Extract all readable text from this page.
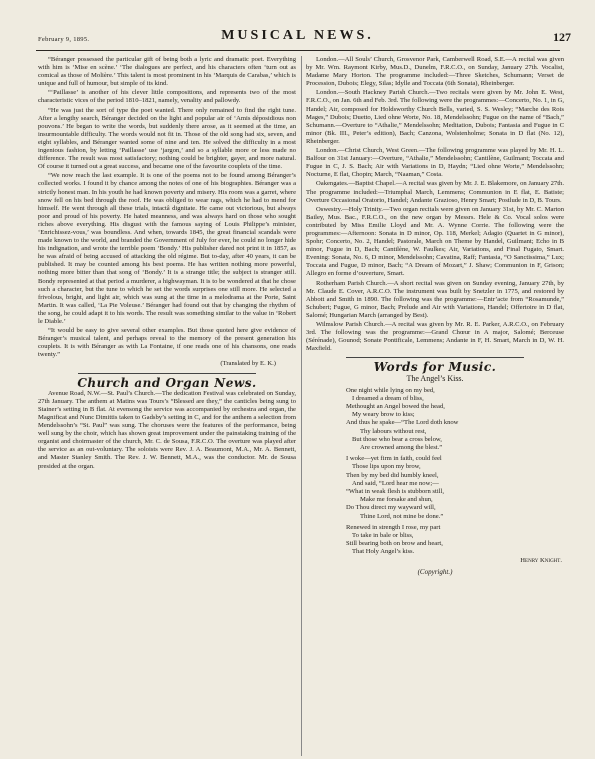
February 9, 1895.	MUSICAL NEWS.	127

“Béranger possessed the particular gift of being both a lyric and dramatic poet. Everything with him is ‘Mise en scène.’ ‘The dialogues are perfect, and his characters often ‘turn out as comical as those of Molière.’ This talent is most prominent in his ‘Marquis de Carabas,’ which is unique and full of humour, but simple of its kind.

“‘Paillasse’ is another of his clever little compositions, and represents two of the most characteristic vices of the period 1810–1821, namely, venality and pallowdy.

“He was just the sort of type the poet wanted. There only remained to find the right tune. After a lengthy search, Béranger decided on the light and popular air of ‘Amis déposidious non pouvons.’ He began to write the words, but suddenly there arose, as it seemed at the time, an insurmountable difficulty. The words would not fit in. Those of the old song had six, seven, and eight syllables, and Béranger wanted some of nine and ten. He solved the difficulty in a most ingenious fashion, by letting ‘Paillasse’ use ‘jargon,’ and so a syllable more or less made no difference. The result was most satisfactory; nothing could be brighter, gayer, and more natural. Of course it turned out a great success, and became one of the favourite couplets of the time.

“We now reach the last example. It is one of the poems not to be found among Béranger’s collected works. I found it by chance among the notes of one of his biographies. Béranger was a strictly honest man. In his youth he had known poverty and misery. His room was a garret, where snow fell on his bed through the roof. He was obliged to wear rags, which he had to mend for himself. He went through all these trials, intactâ dignitate. He came out victorious, but always poor and proud of his poverty. He hated meanness, and was always hard on those who sought riches above everything. His disgust with the famous saying of Louis Philippe’s minister, ‘Enrichissez-vous,’ was boundless. And when, towards 1845, the great financial scandals were made known to the world, and branded the Government of July for ever, he could no longer hide his indignation, and wrote the terrible poem ‘Bondy.’ His publisher dared not print it in 1857, as he was afraid of being accused of attacking the old régime. But to-day, after 40 years, it can be published. It may be counted among his best poems. He has written nothing more powerful, nothing more bitter than that song of ‘Bondy.’ It is a strange title; the subject is stranger still. Bondy represented at that period a murderer, a highwayman. It is to be wondered at that he chose such a character, but the tune to which he set the words surprises one still more. He selected a frivolous, bright, and light air, which was sung at the time in a melodrama at the Porte, Saint Martin. It was called, ‘La Pie Voleuse.’ Béranger had found out that by changing the rhythm of the song, he could adapt it to his words. The result was something similar to the value in ‘Robert le Diable.’

“It would be easy to give several other examples. But those quoted here give evidence of Béranger’s musical talent, and perhaps reveal to the memory of the present generation his couplets. It is with Béranger as with La Fontaine, if one reads one of his chansons, one reads twenty.”

(Translated by E. K.)

Church and Organ News.

Avenue Road, N.W.—St. Paul’s Church.—The dedication Festival was celebrated on Sunday, 27th January. The anthem at Matins was Tours’s “Blessed are they,” the canticles being sung to Stainer’s setting in B flat. At evensong the service was accompanied by orchestra and organ, the Magnificat and Nunc Dimittis taken to Gadsby’s setting in C, and for the anthem a selection from Mendelssohn’s “St. Paul” was sung. The choruses were the features of the performance, being well sung by the choir, which has shown great improvement under the painstaking training of the organist and choirmaster of the church, Mr. C. de Sousa, F.R.C.O. The overture was played after the service as an out-voluntary. The soloists were Rev. J. A. Beaumont, M.A., Mr. A. Bennett, and Master Stanley Smith. The Rev. J. W. Bennett, M.A., was the conductor. Mr. de Sousa presided at the organ.

London.—All Souls’ Church, Grosvenor Park, Camberwell Road, S.E.—A recital was given by Mr. Wm. Raymont Kirby, Mus.D., Dunelm, F.R.C.O., on Sunday, January 27th. Vocalist, Madame Mary Horton. The programme included:—Three Sketches, Schumann; Verset de Procession, Dubois; Elegy, Silas; Idylle and Toccata (6th Sonata), Rheinberger.

London.—South Hackney Parish Church.—Two recitals were given by Mr. John E. West, F.R.C.O., on Jan. 6th and Feb. 3rd. The following were the programmes:—Concerto, No. 1, in G, Handel; Air, composed for Holdsworthy Church Bells, varied, S. S. Wesley; “Marche des Rois Mages,” Dubois; Duetto, Lied ohne Worte, No. 18, Mendelssohn; Fugue on the name of “Bach,” Schumann.—Overture to “Athalie,” Mendelssohn; Meditation, Dubois; Fantasia and Fugue in C minor (Bk. III., Peter’s edition), Bach; Canzona, Wolstenholme; Sonata in D flat (No. 12), Rheinberger.

London.—Christ Church, West Green.—The following programme was played by Mr. H. L. Balfour on 31st January:—Overture, “Athalie,” Mendelssohn; Cantilène, Guilmant; Toccata and Fugue in C, J. S. Bach; Air with Variations in D, Haydn; “Lied ohne Worte,” Mendelssohn; Nocturne, E flat, Chopin; March, “Naaman,” Costa.

Oakengates.—Baptist Chapel.—A recital was given by Mr. J. E. Blakemore, on January 27th. The programme included:—Triumphal March, Lemmens; Communion in E flat, E. Batiste; Overture Occasional Oratorio, Handel; Andante Grazioso, Henry Smart; Postlude in D, B. Tours.

Oswestry.—Holy Trinity.—Two organ recitals were given on January 31st, by Mr. C. Marton Bailey, Mus. Bac., F.R.C.O., on the new organ by Messrs. Hele & Co. Vocal solos were contributed by Miss Emilie Lloyd and Mr. A. Wynne Corrie. The following were the programmes:—Afternoon: Sonata in D minor, Op. 118, Merkel; Adagio (Quartet in G minor), Spohr; Concerto, No. 2, Handel; Pastorale, March on Theme by Handel, Guilmant; Echo in B minor, Fugue in D, Bach; Cantilène, W. Faulkes; Air, Variations, and Final Fugato, Smart. Evening: Sonata, No. 6, D minor, Mendelssohn; Cavatina, Raff; Fantasia, “O Sanctissima,” Lux; Toccata and Fugue, D minor, Bach; “A Dream of Mozart,” J. Shaw; Communion in F, Grison; Allegro en forme d’ouverture, Smart.

Rotherham Parish Church.—A short recital was given on Sunday evening, January 27th, by Mr. Claude E. Cover, A.R.C.O. The instrument was built by Snetzler in 1775, and restored by Abbott and Smith in 1890. The following was the programme:—Entr’acte from “Rosamunde,” Schubert; Fugue, G minor, Bach; Prelude and Air with Variations, Handel; Offertoire in D flat, Salomé; Hungarian March (arranged by Best).

Wilmslow Parish Church.—A recital was given by Mr. R. E. Parker, A.R.C.O., on February 3rd. The following was the programme:—Grand Chœur in A major, Salomé; Berceuse (Sérénade), Gounod; Sonate Pontificale, Lemmens; Andante in F, H. Smart, March in D, W. H. Maxfield.

Words for Music.
The Angel’s Kiss.
One night while lying on my bed,
I dreamed a dream of bliss,
Methought an Angel bowed the head,
My weary brow to kiss;
And thus he spake—“The Lord doth know
Thy labours without rest,
But those who bear a cross below,
Are crowned among the blest.”
I woke—yet firm in faith, could feel
Those lips upon my brow,
Then by my bed did humbly kneel,
And said, “Lord hear me now;—
“What in weak flesh is stubborn still,
Make me forsake and shun,
Do Thou direct my wayward will,
Thine Lord, not mine be done.”
Renewed in strength I rose, my part
To take in bale or bliss,
Still bearing both on brow and heart,
That Holy Angel’s kiss.
Henry Knight.
(Copyright.)
